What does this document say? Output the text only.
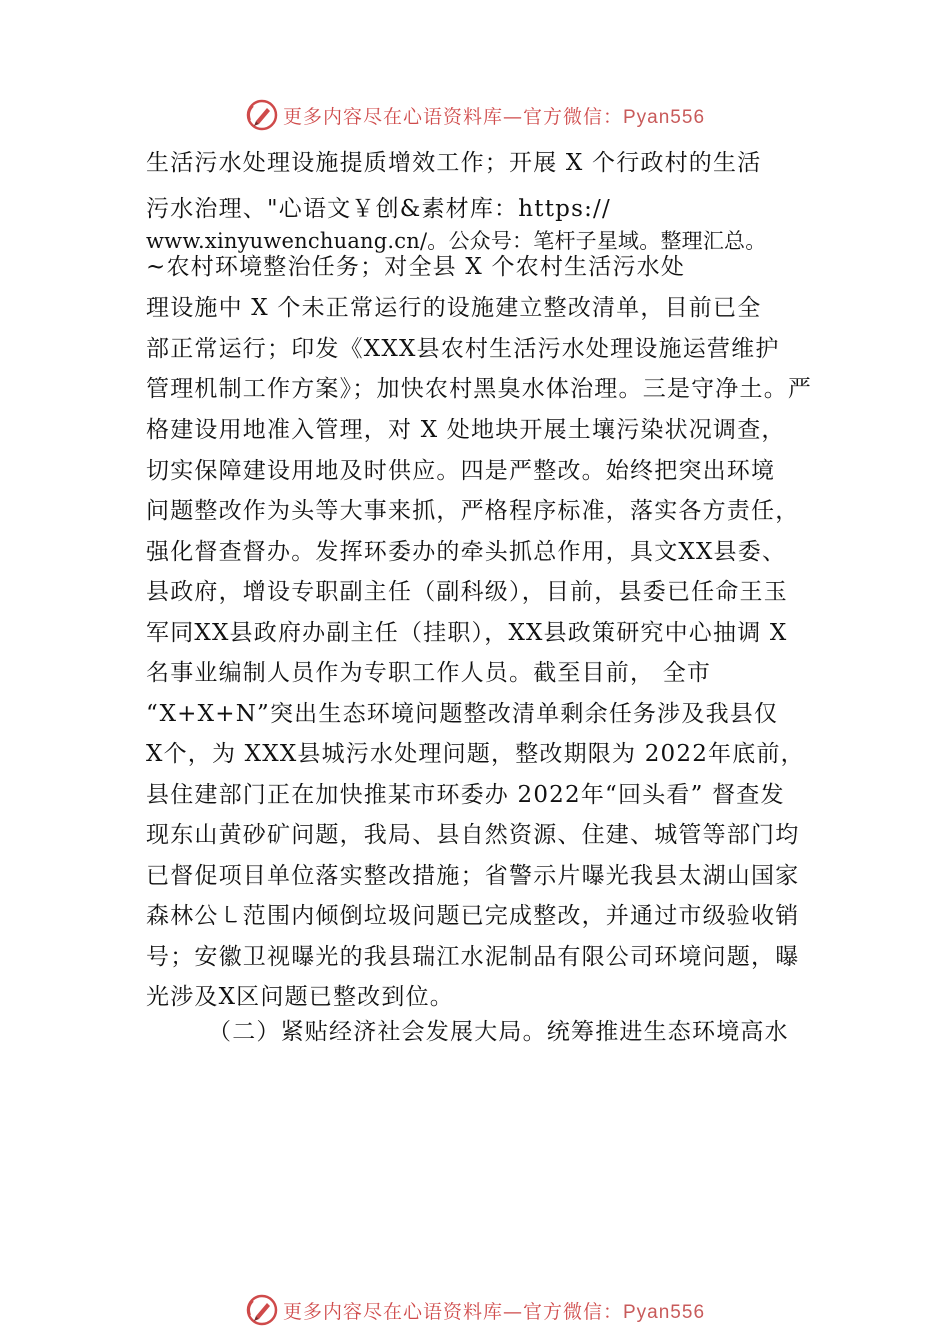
更多内容尽在心语资料库—官方微信：Pyan556
生活污水处理设施提质增效工作；开展 X 个行政村的生活
污水治理、"心语文￥创&素材库：https://
www.xinyuwenchuang.cn/。公众号：笔杆子星域。整理汇总。
~农村环境整治任务；对全县 X 个农村生活污水处
理设施中 X 个未正常运行的设施建立整改清单，目前已全
部正常运行；印发《XXX县农村生活污水处理设施运营维护
管理机制工作方案》；加快农村黑臭水体治理。三是守净土。严
格建设用地准入管理，对 X 处地块开展土壤污染状况调查，
切实保障建设用地及时供应。四是严整改。始终把突出环境
问题整改作为头等大事来抓，严格程序标准，落实各方责任，
强化督查督办。发挥环委办的牵头抓总作用，具文XX县委、
县政府，增设专职副主任（副科级），目前，县委已任命王玉
军同XX县政府办副主任（挂职），XX县政策研究中心抽调 X
名事业编制人员作为专职工作人员。截至目前， 全市
“X+X+N”突出生态环境问题整改清单剩余任务涉及我县仅
X个，为 XXX县城污水处理问题，整改期限为 2022年底前，
县住建部门正在加快推某市环委办 2022年“回头看” 督查发
现东山黄砂矿问题，我局、县自然资源、住建、城管等部门均
已督促项目单位落实整改措施；省警示片曝光我县太湖山国家
森林公㇄范围内倾倒垃圾问题已完成整改，并通过市级验收销
号；安徽卫视曝光的我县瑞江水泥制品有限公司环境问题，曝
光涉及X区问题已整改到位。
（二）紧贴经济社会发展大局。统筹推进生态环境高水
更多内容尽在心语资料库—官方微信：Pyan556
